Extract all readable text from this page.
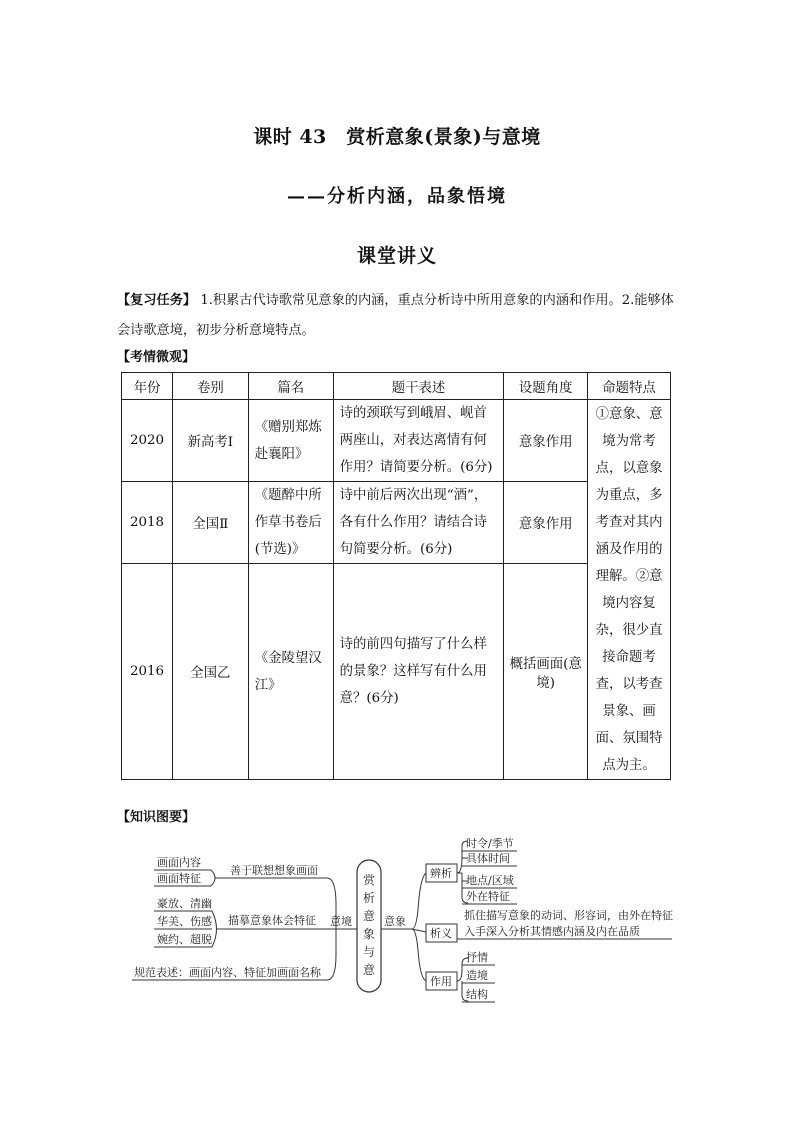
课时 43　赏析意象(景象)与意境
——分析内涵，品象悟境
课堂讲义
【复习任务】 1.积累古代诗歌常见意象的内涵，重点分析诗中所用意象的内涵和作用。2.能够体会诗歌意境，初步分析意境特点。
【考情微观】
年份	卷别	篇名	题干表述	设题角度	命题特点
2020	新高考Ⅰ	《赠别郑炼赴襄阳》	诗的颈联写到峨眉、岘首两座山，对表达离情有何作用？请简要分析。(6分)	意象作用	①意象、意境为常考点，以意象为重点，多考查对其内涵及作用的理解。②意境内容复杂，很少直接命题考查，以考查景象、画面、氛围特点为主。
2018	全国Ⅱ	《题醉中所作草书卷后(节选)》	诗中前后两次出现“酒”，各有什么作用？请结合诗句简要分析。(6分)	意象作用	
2016	全国乙	《金陵望汉江》	诗的前四句描写了什么样的景象？这样写有什么用意？(6分)	概括画面(意境)	
【知识图要】
画面内容
画面特征
善于联想想象画面
豪放、清幽
华美、伤感
婉约、超脱
描摹意象体会特征
规范表述：画面内容、特征加画面名称
意境	意象
赏
析
意
象
与
意
辨析
析义
作用
时令/季节
具体时间
地点/区域
外在特征
抓住描写意象的动词、形容词，由外在特征
入手深入分析其情感内涵及内在品质
抒情
造境
结构
